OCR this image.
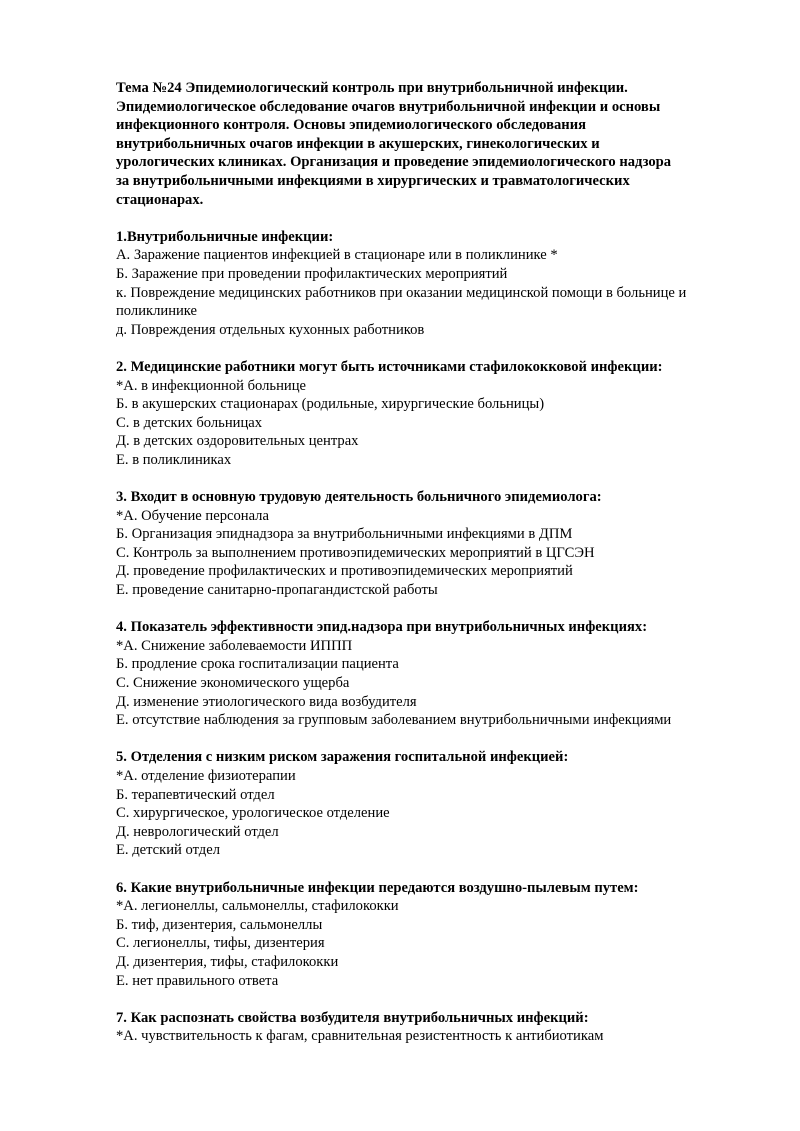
Тема №24 Эпидемиологический контроль при внутрибольничной инфекции.
Эпидемиологическое обследование очагов внутрибольничной инфекции и основы
инфекционного контроля. Основы эпидемиологического обследования
внутрибольничных очагов инфекции в акушерских, гинекологических и
урологических клиниках. Организация и проведение эпидемиологического надзора
за внутрибольничными инфекциями в хирургических и травматологических
стационарах.
1.Внутрибольничные инфекции:
А. Заражение пациентов инфекцией в стационаре или в поликлинике *
Б. Заражение при проведении профилактических мероприятий
к. Повреждение медицинских работников при оказании медицинской помощи в больнице и поликлинике
д. Повреждения отдельных кухонных работников
2. Медицинские работники могут быть источниками стафилококковой инфекции:
*А. в инфекционной больнице
Б. в акушерских стационарах (родильные, хирургические больницы)
С. в детских больницах
Д. в детских оздоровительных центрах
Е. в поликлиниках
3. Входит в основную трудовую деятельность больничного эпидемиолога:
*А. Обучение персонала
Б. Организация эпиднадзора за внутрибольничными инфекциями в ДПМ
С. Контроль за выполнением противоэпидемических мероприятий в ЦГСЭН
Д. проведение профилактических и противоэпидемических мероприятий
Е. проведение санитарно-пропагандистской работы
4. Показатель эффективности эпид.надзора при внутрибольничных инфекциях:
*А. Снижение заболеваемости ИППП
Б. продление срока госпитализации пациента
С. Снижение экономического ущерба
Д. изменение этиологического вида возбудителя
Е. отсутствие наблюдения за групповым заболеванием внутрибольничными инфекциями
5. Отделения с низким риском заражения госпитальной инфекцией:
*А. отделение физиотерапии
Б. терапевтический отдел
С. хирургическое, урологическое отделение
Д. неврологический отдел
Е. детский отдел
6. Какие внутрибольничные инфекции передаются воздушно-пылевым путем:
*А. легионеллы, сальмонеллы, стафилококки
Б. тиф, дизентерия, сальмонеллы
С. легионеллы, тифы, дизентерия
Д. дизентерия, тифы, стафилококки
Е. нет правильного ответа
7. Как распознать свойства возбудителя внутрибольничных инфекций:
*А. чувствительность к фагам, сравнительная резистентность к антибиотикам
